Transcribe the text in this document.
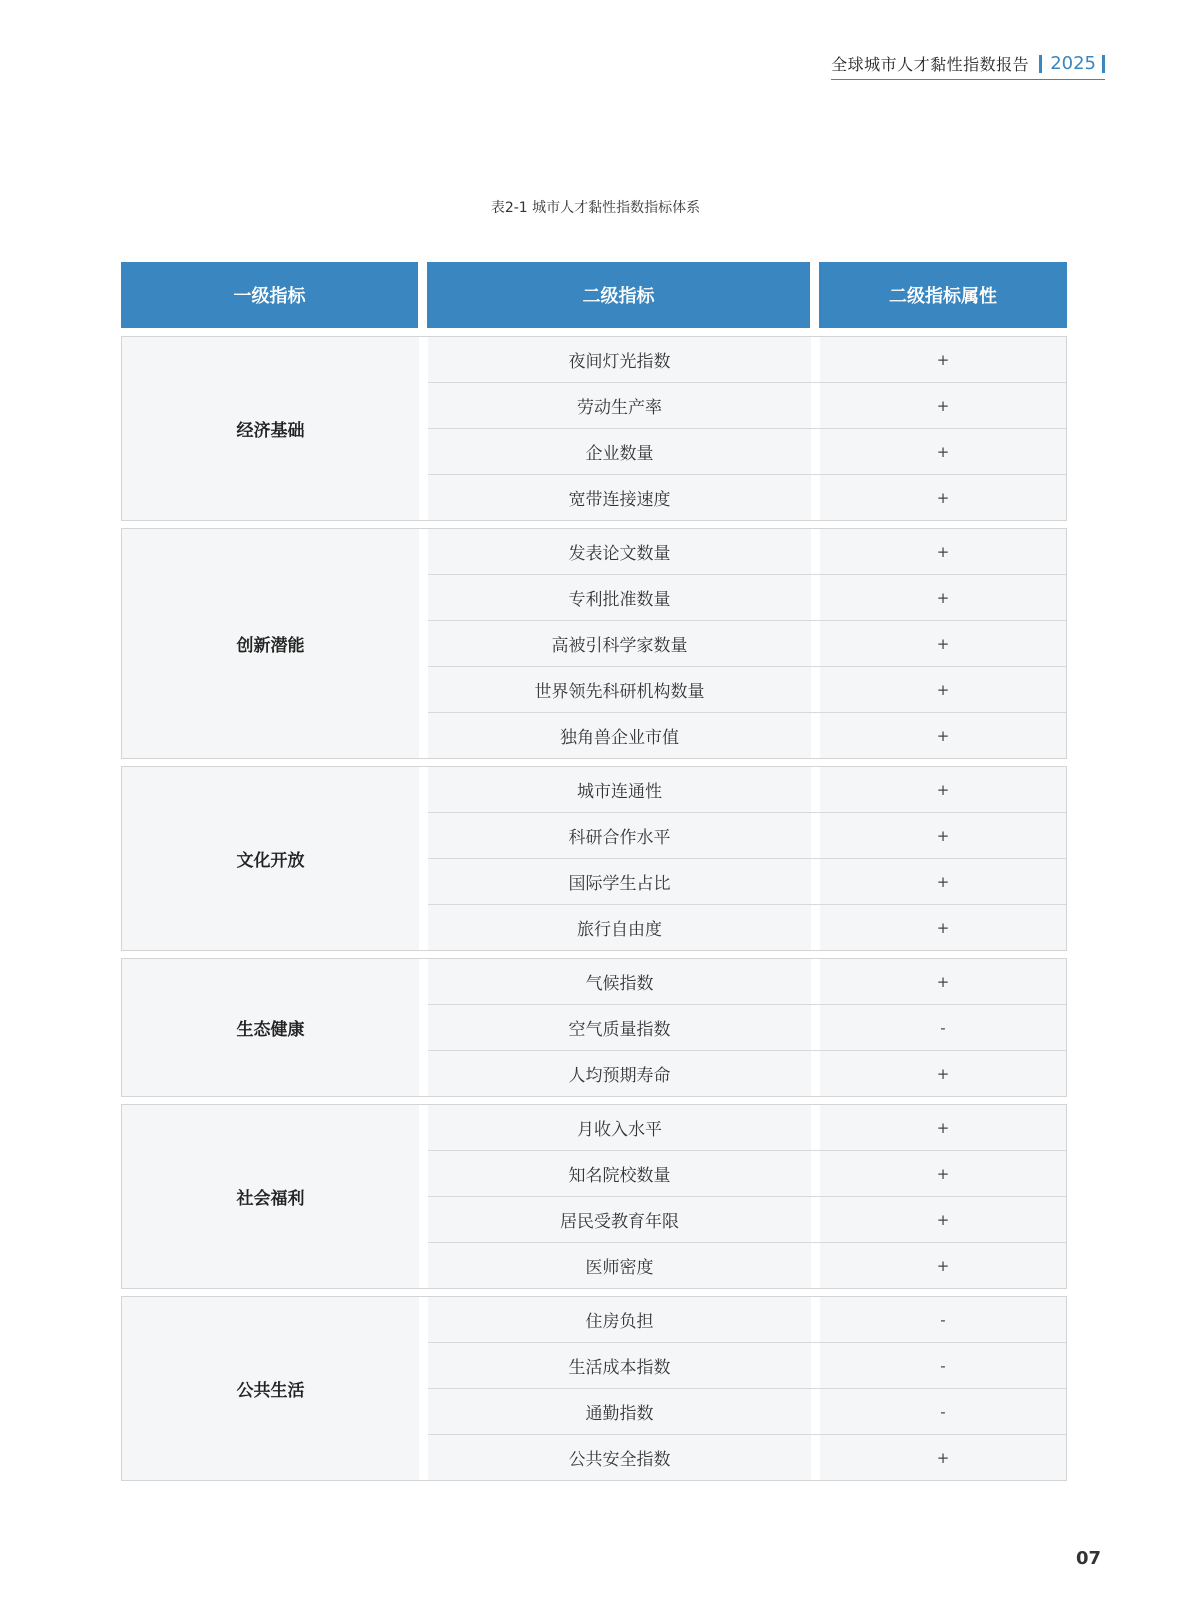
全球城市人才黏性指数报告 2025
表2-1 城市人才黏性指数指标体系
一级指标	二级指标	二级指标属性
经济基础
夜间灯光指数	+
劳动生产率	+
企业数量	+
宽带连接速度	+
创新潜能
发表论文数量	+
专利批准数量	+
高被引科学家数量	+
世界领先科研机构数量	+
独角兽企业市值	+
文化开放
城市连通性	+
科研合作水平	+
国际学生占比	+
旅行自由度	+
生态健康
气候指数	+
空气质量指数	-
人均预期寿命	+
社会福利
月收入水平	+
知名院校数量	+
居民受教育年限	+
医师密度	+
公共生活
住房负担	-
生活成本指数	-
通勤指数	-
公共安全指数	+
07
